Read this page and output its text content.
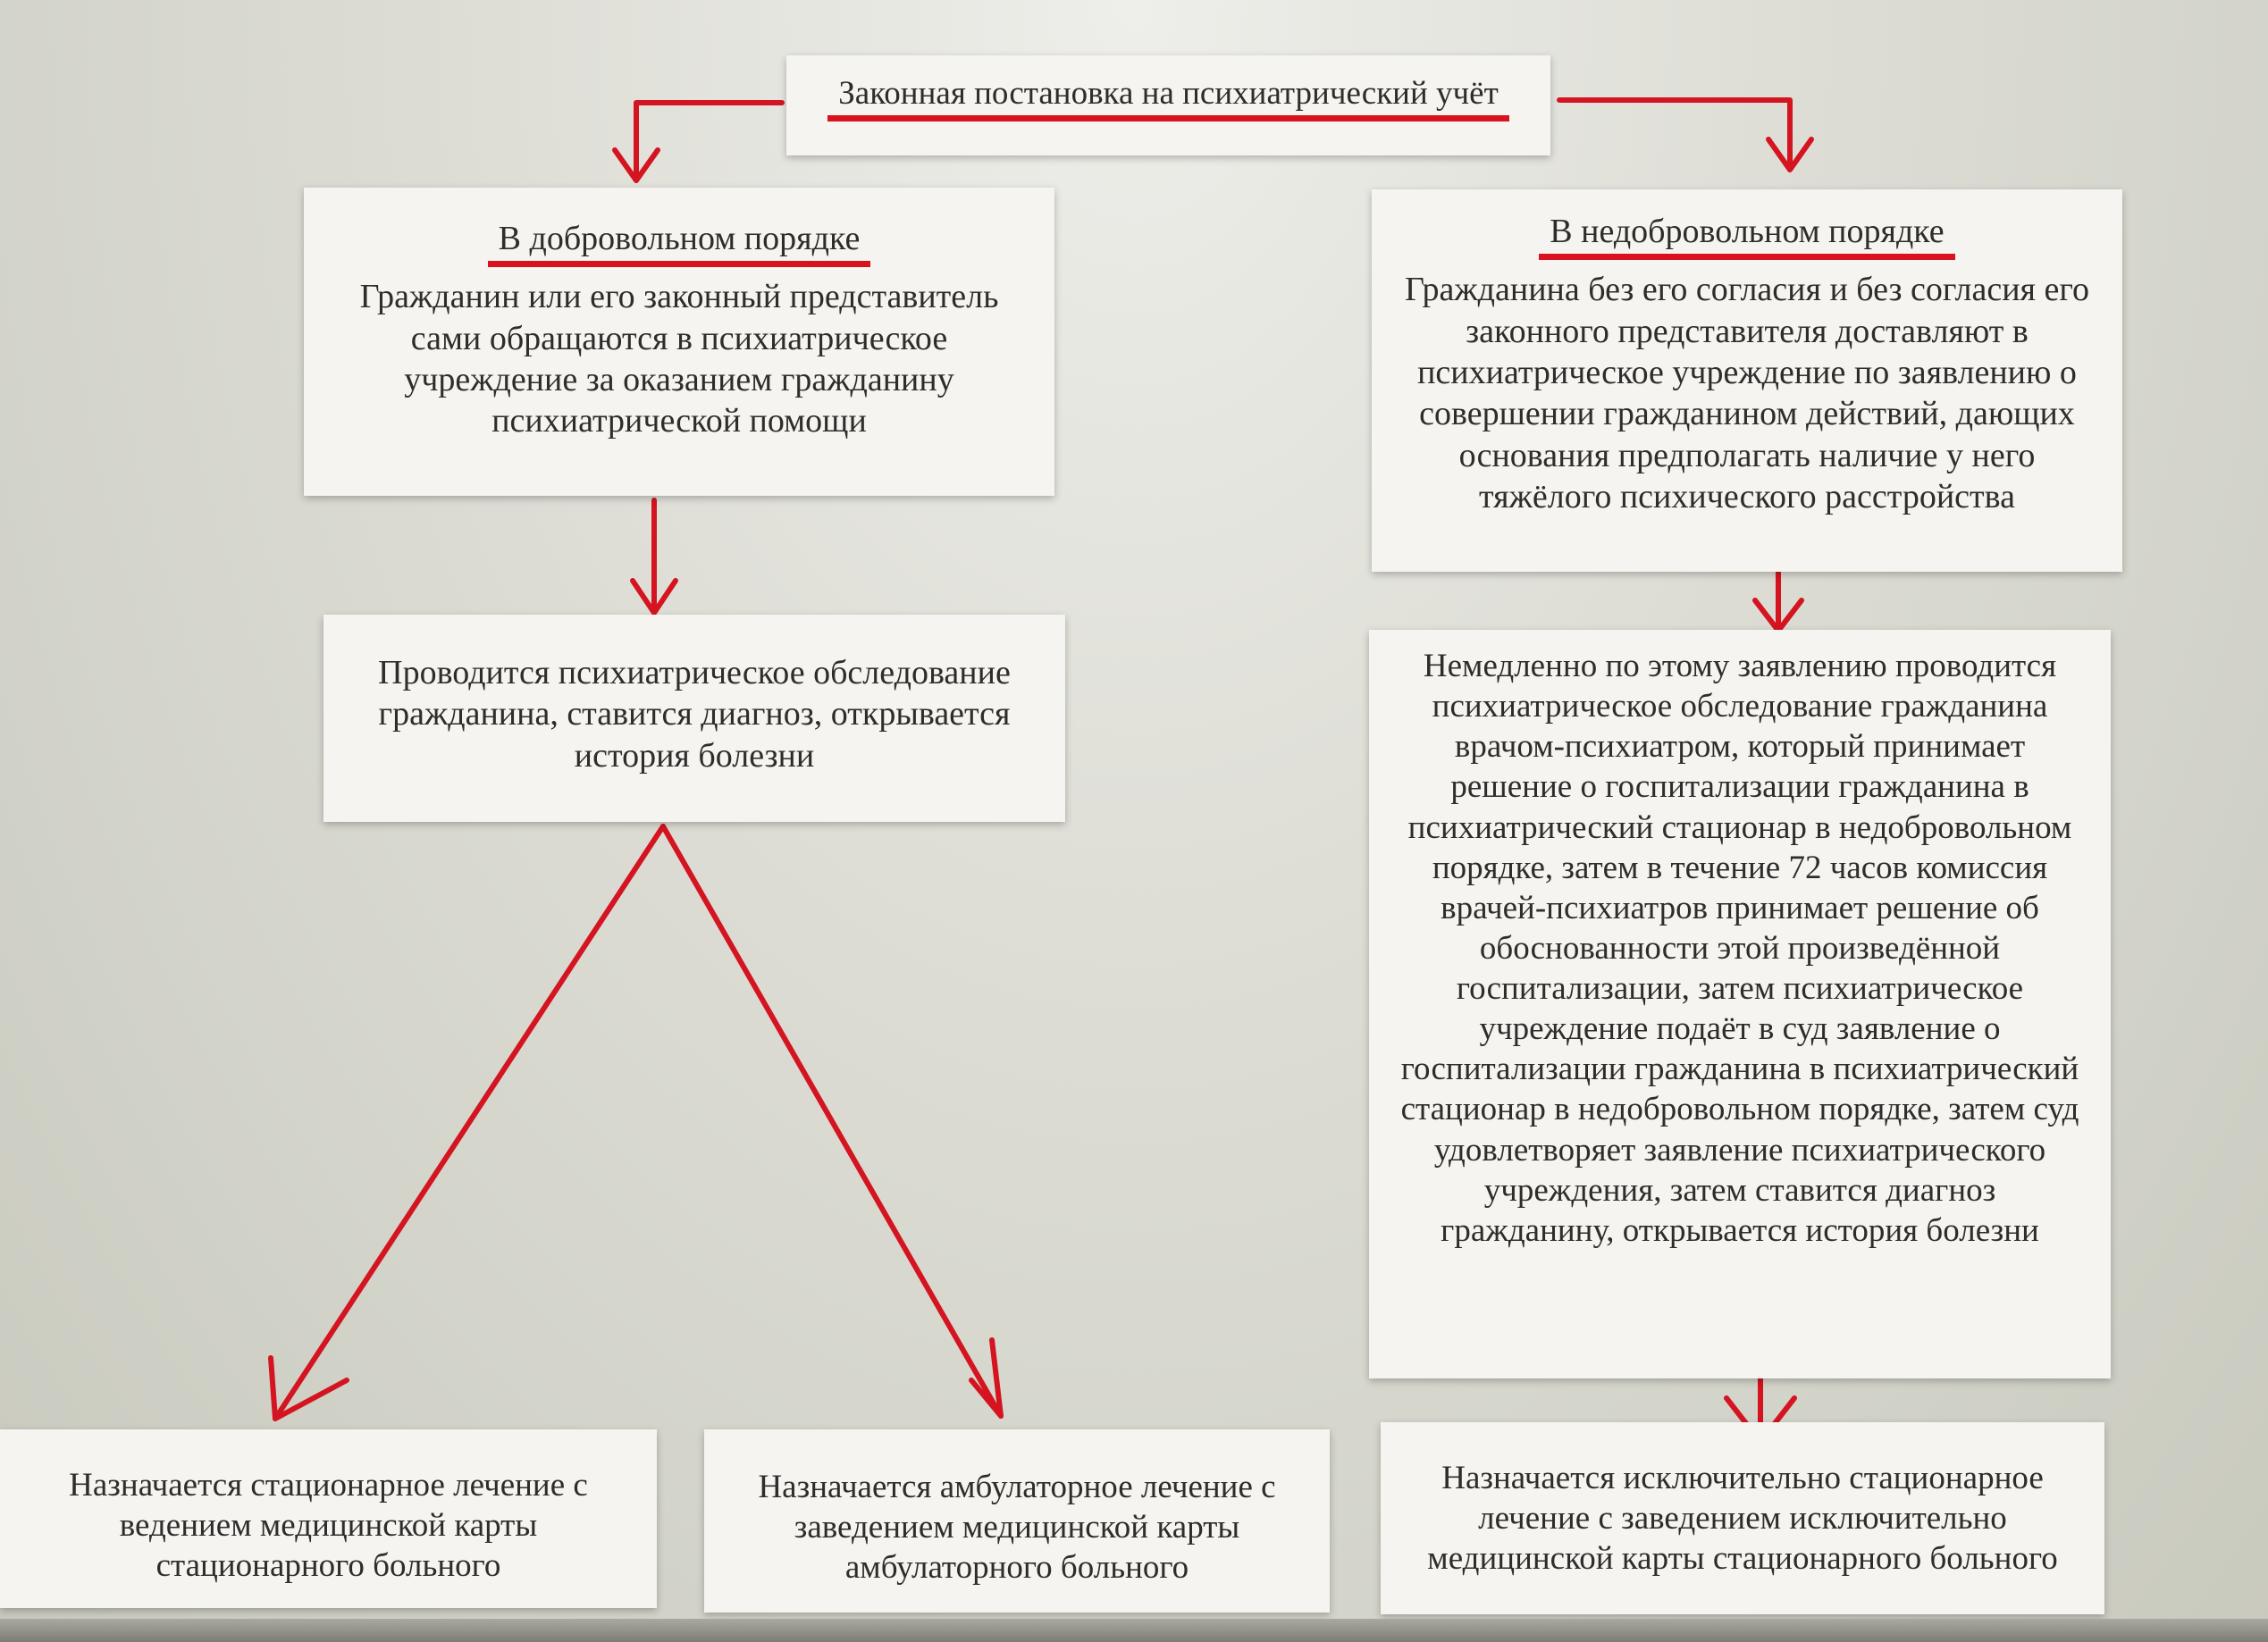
Законная постановка на психиатрический учёт
В добровольном порядке
Гражданин или его законный представитель сами обращаются в психиатрическое учреждение за оказанием гражданину психиатрической помощи
В недобровольном порядке
Гражданина без его согласия и без согласия его законного представителя доставляют в психиатрическое учреждение по заявлению о совершении гражданином действий, дающих основания предполагать наличие у него тяжёлого психического расстройства
Проводится психиатрическое обследование гражданина, ставится диагноз, открывается история болезни
Немедленно по этому заявлению проводится психиатрическое обследование гражданина врачом-психиатром, который принимает решение о госпитализации гражданина в психиатрический стационар в недобровольном порядке, затем в течение 72 часов комиссия врачей-психиатров принимает решение об обоснованности этой произведённой госпитализации, затем психиатрическое учреждение подаёт в суд заявление о госпитализации гражданина в психиатрический стационар в недобровольном порядке, затем суд удовлетворяет заявление психиатрического учреждения, затем ставится диагноз гражданину, открывается история болезни
Назначается стационарное лечение с ведением медицинской карты стационарного больного
Назначается амбулаторное лечение с заведением медицинской карты амбулаторного больного
Назначается исключительно стационарное лечение с заведением исключительно медицинской карты стационарного больного
